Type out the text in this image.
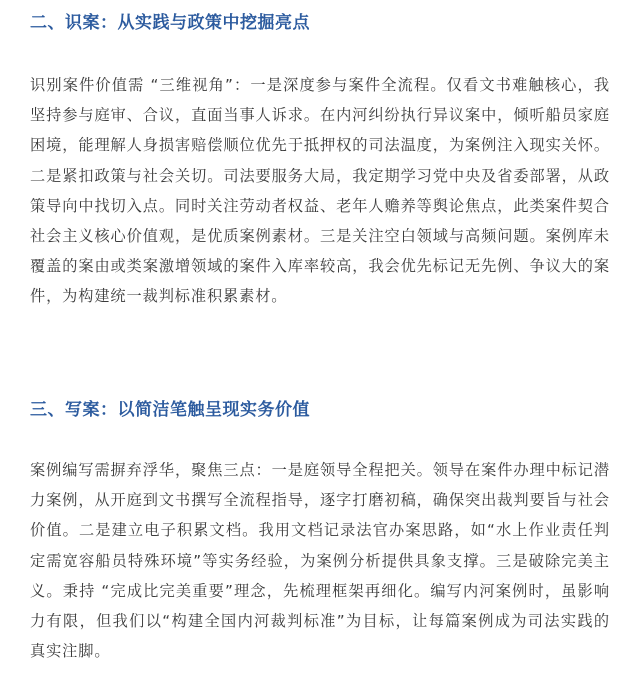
二、识案：从实践与政策中挖掘亮点

识别案件价值需 “三维视角”：一是深度参与案件全流程。仅看文书难触核心，我坚持参与庭审、合议，直面当事人诉求。在内河纠纷执行异议案中，倾听船员家庭困境，能理解人身损害赔偿顺位优先于抵押权的司法温度，为案例注入现实关怀。二是紧扣政策与社会关切。司法要服务大局，我定期学习党中央及省委部署，从政策导向中找切入点。同时关注劳动者权益、老年人赡养等舆论焦点，此类案件契合社会主义核心价值观，是优质案例素材。三是关注空白领域与高频问题。案例库未覆盖的案由或类案激增领域的案件入库率较高，我会优先标记无先例、争议大的案件，为构建统一裁判标准积累素材。

三、写案：以简洁笔触呈现实务价值

案例编写需摒弃浮华，聚焦三点：一是庭领导全程把关。领导在案件办理中标记潜力案例，从开庭到文书撰写全流程指导，逐字打磨初稿，确保突出裁判要旨与社会价值。二是建立电子积累文档。我用文档记录法官办案思路，如“水上作业责任判定需宽容船员特殊环境”等实务经验，为案例分析提供具象支撑。三是破除完美主义。秉持 “完成比完美重要”理念，先梳理框架再细化。编写内河案例时，虽影响力有限，但我们以“构建全国内河裁判标准”为目标，让每篇案例成为司法实践的真实注脚。
